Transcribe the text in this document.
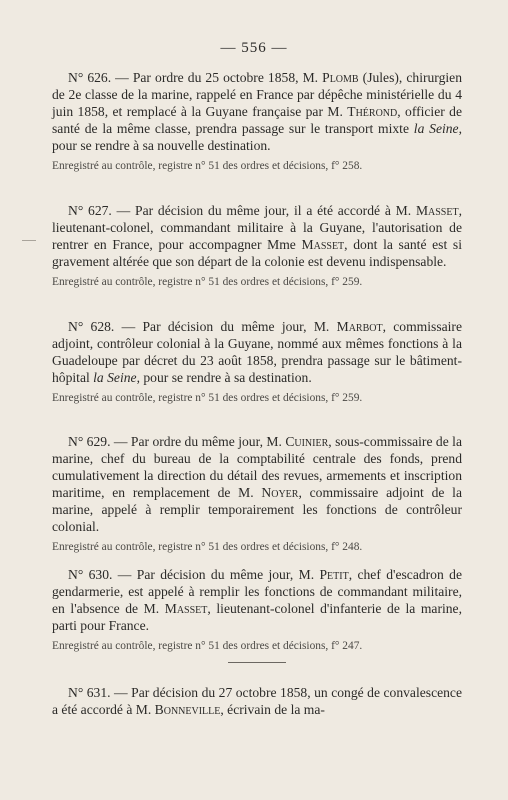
— 556 —

N° 626. — Par ordre du 25 octobre 1858, M. Plomb (Jules), chirurgien de 2e classe de la marine, rappelé en France par dépêche ministérielle du 4 juin 1858, et remplacé à la Guyane française par M. Thérond, officier de santé de la même classe, prendra passage sur le transport mixte la Seine, pour se rendre à sa nouvelle destination.

Enregistré au contrôle, registre n° 51 des ordres et décisions, f° 258.

N° 627. — Par décision du même jour, il a été accordé à M. Masset, lieutenant-colonel, commandant militaire à la Guyane, l'autorisation de rentrer en France, pour accompagner Mme Masset, dont la santé est si gravement altérée que son départ de la colonie est devenu indispensable.

Enregistré au contrôle, registre n° 51 des ordres et décisions, f° 259.

N° 628. — Par décision du même jour, M. Marbot, commissaire adjoint, contrôleur colonial à la Guyane, nommé aux mêmes fonctions à la Guadeloupe par décret du 23 août 1858, prendra passage sur le bâtiment-hôpital la Seine, pour se rendre à sa destination.

Enregistré au contrôle, registre n° 51 des ordres et décisions, f° 259.

N° 629. — Par ordre du même jour, M. Cuinier, sous-commissaire de la marine, chef du bureau de la comptabilité centrale des fonds, prend cumulativement la direction du détail des revues, armements et inscription maritime, en remplacement de M. Noyer, commissaire adjoint de la marine, appelé à remplir temporairement les fonctions de contrôleur colonial.

Enregistré au contrôle, registre n° 51 des ordres et décisions, f° 248.

N° 630. — Par décision du même jour, M. Petit, chef d'escadron de gendarmerie, est appelé à remplir les fonctions de commandant militaire, en l'absence de M. Masset, lieutenant-colonel d'infanterie de la marine, parti pour France.

Enregistré au contrôle, registre n° 51 des ordres et décisions, f° 247.

N° 631. — Par décision du 27 octobre 1858, un congé de convalescence a été accordé à M. Bonneville, écrivain de la ma-
